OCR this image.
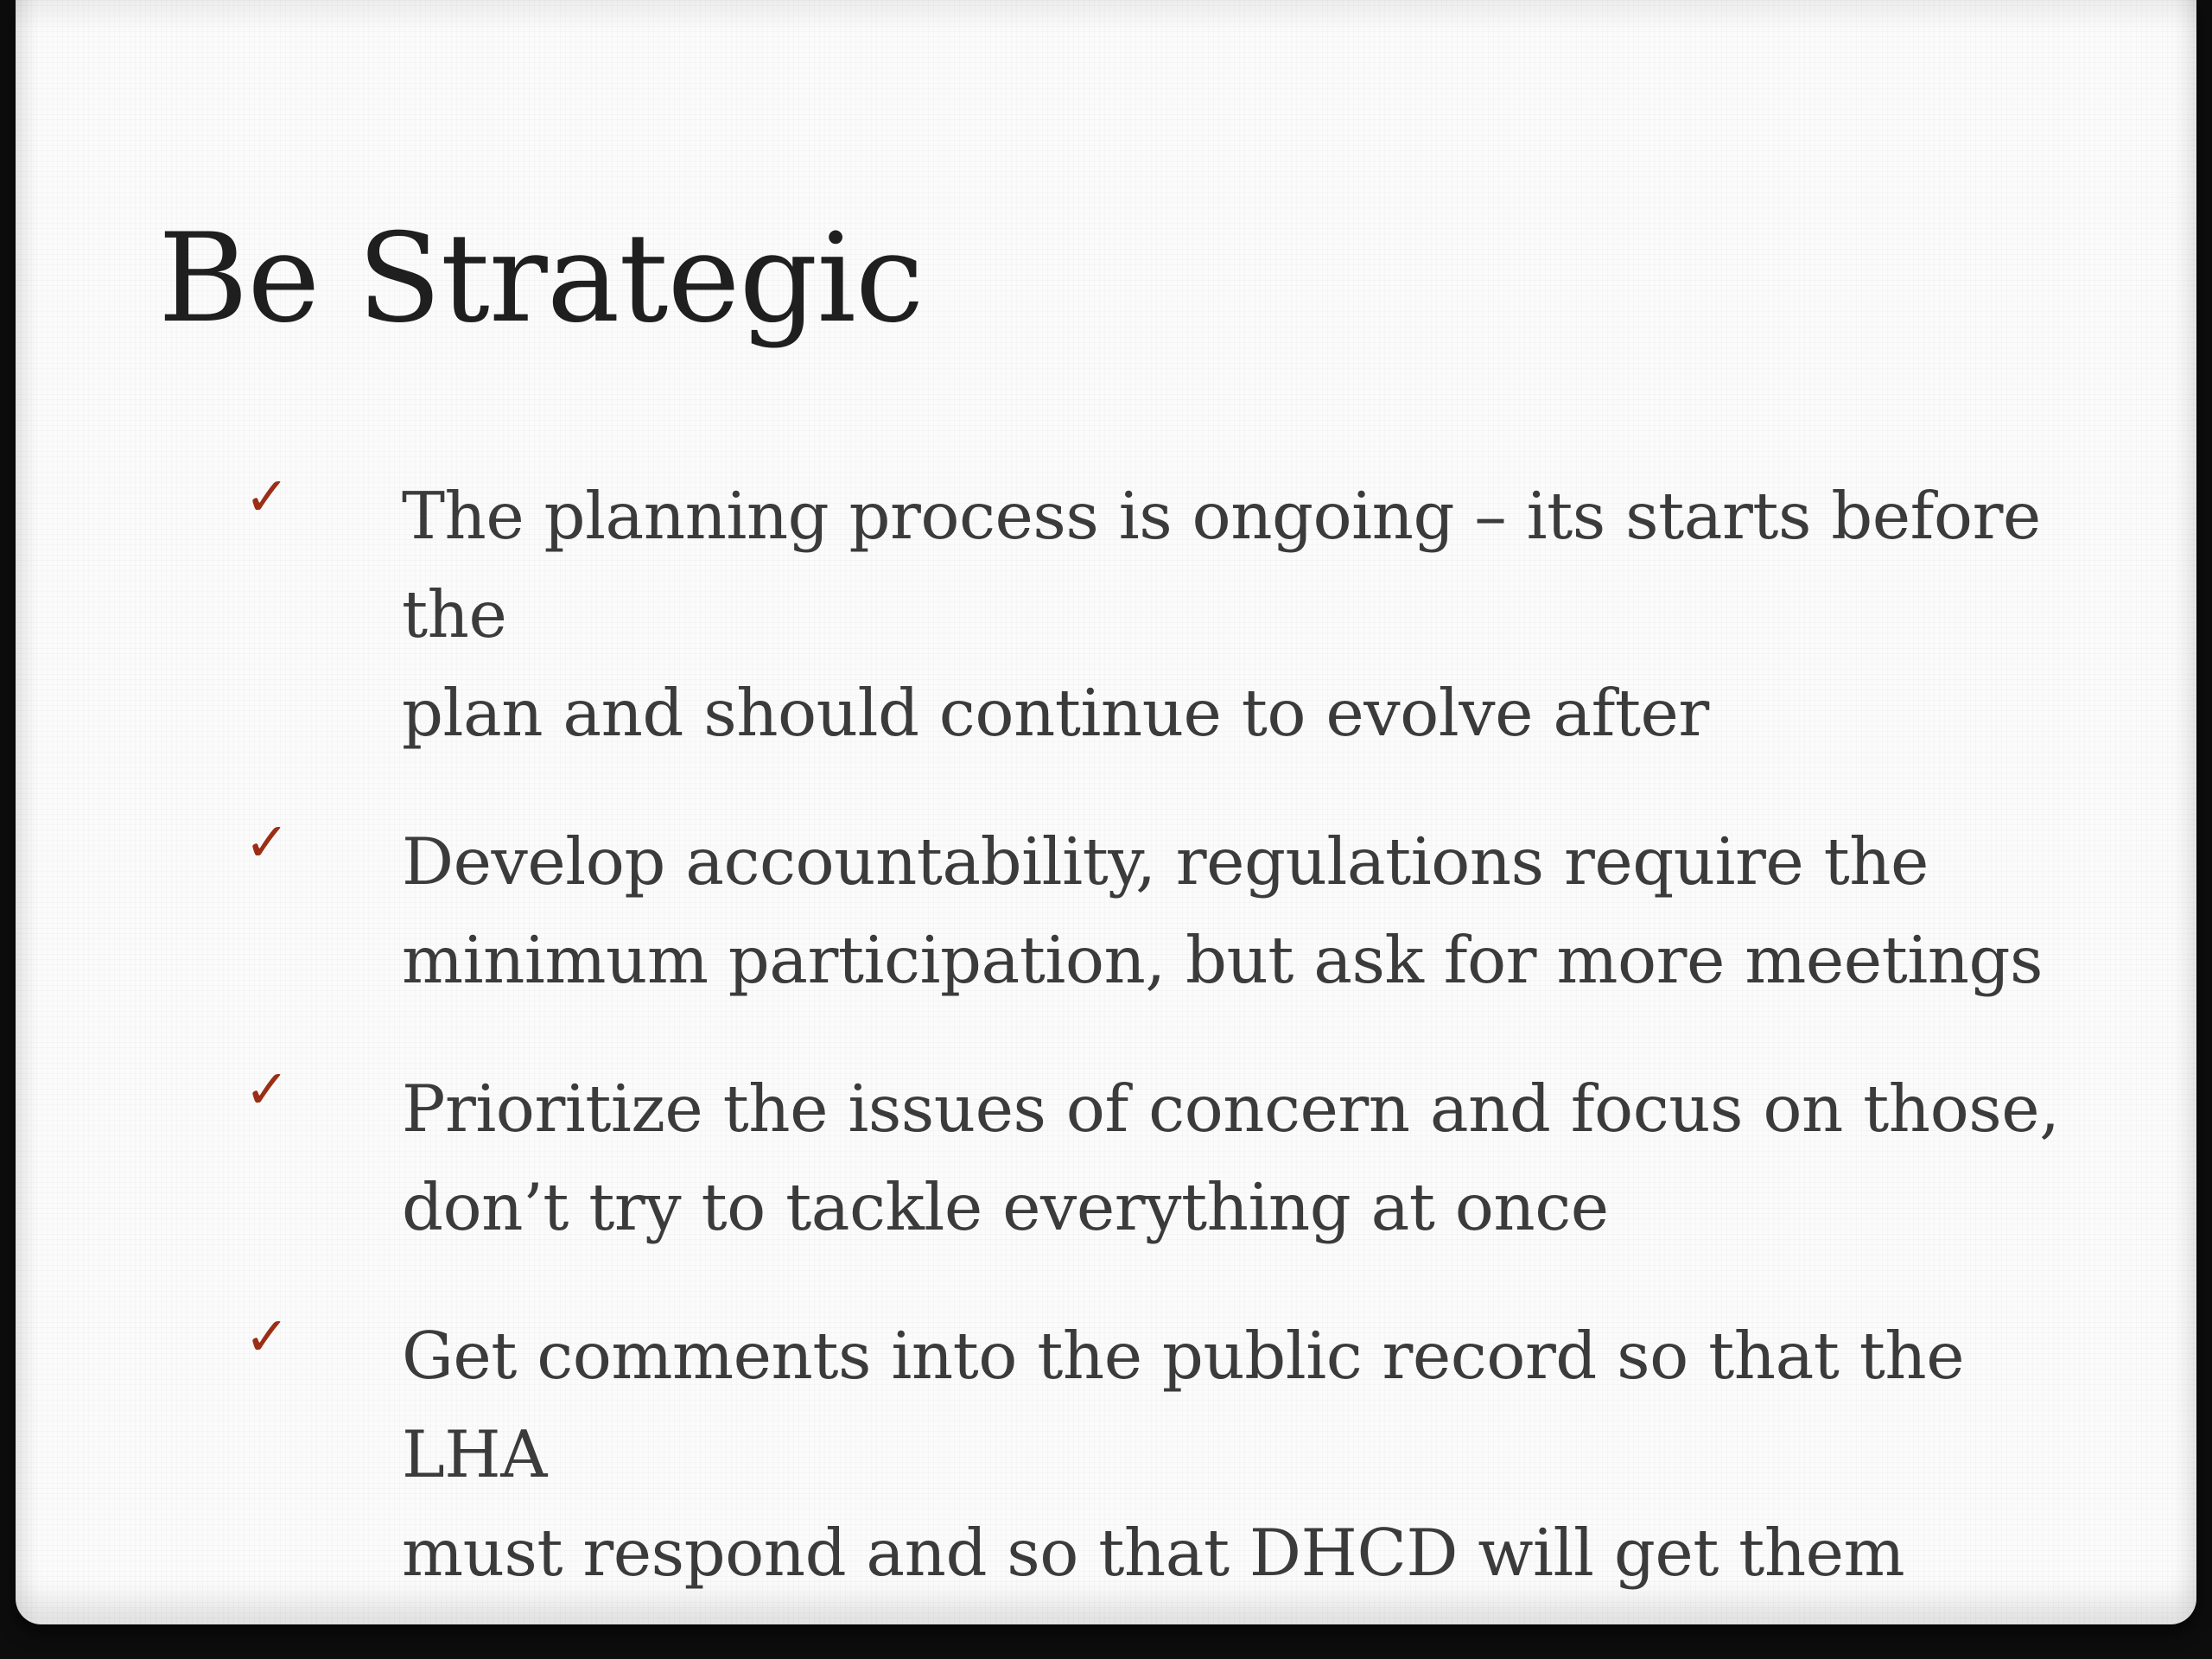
Be Strategic
✓ The planning process is ongoing – its starts before the
plan and should continue to evolve after
✓ Develop accountability, regulations require the
minimum participation, but ask for more meetings
✓ Prioritize the issues of concern and focus on those,
don’t try to tackle everything at once
✓ Get comments into the public record so that the LHA
must respond and so that DHCD will get them
